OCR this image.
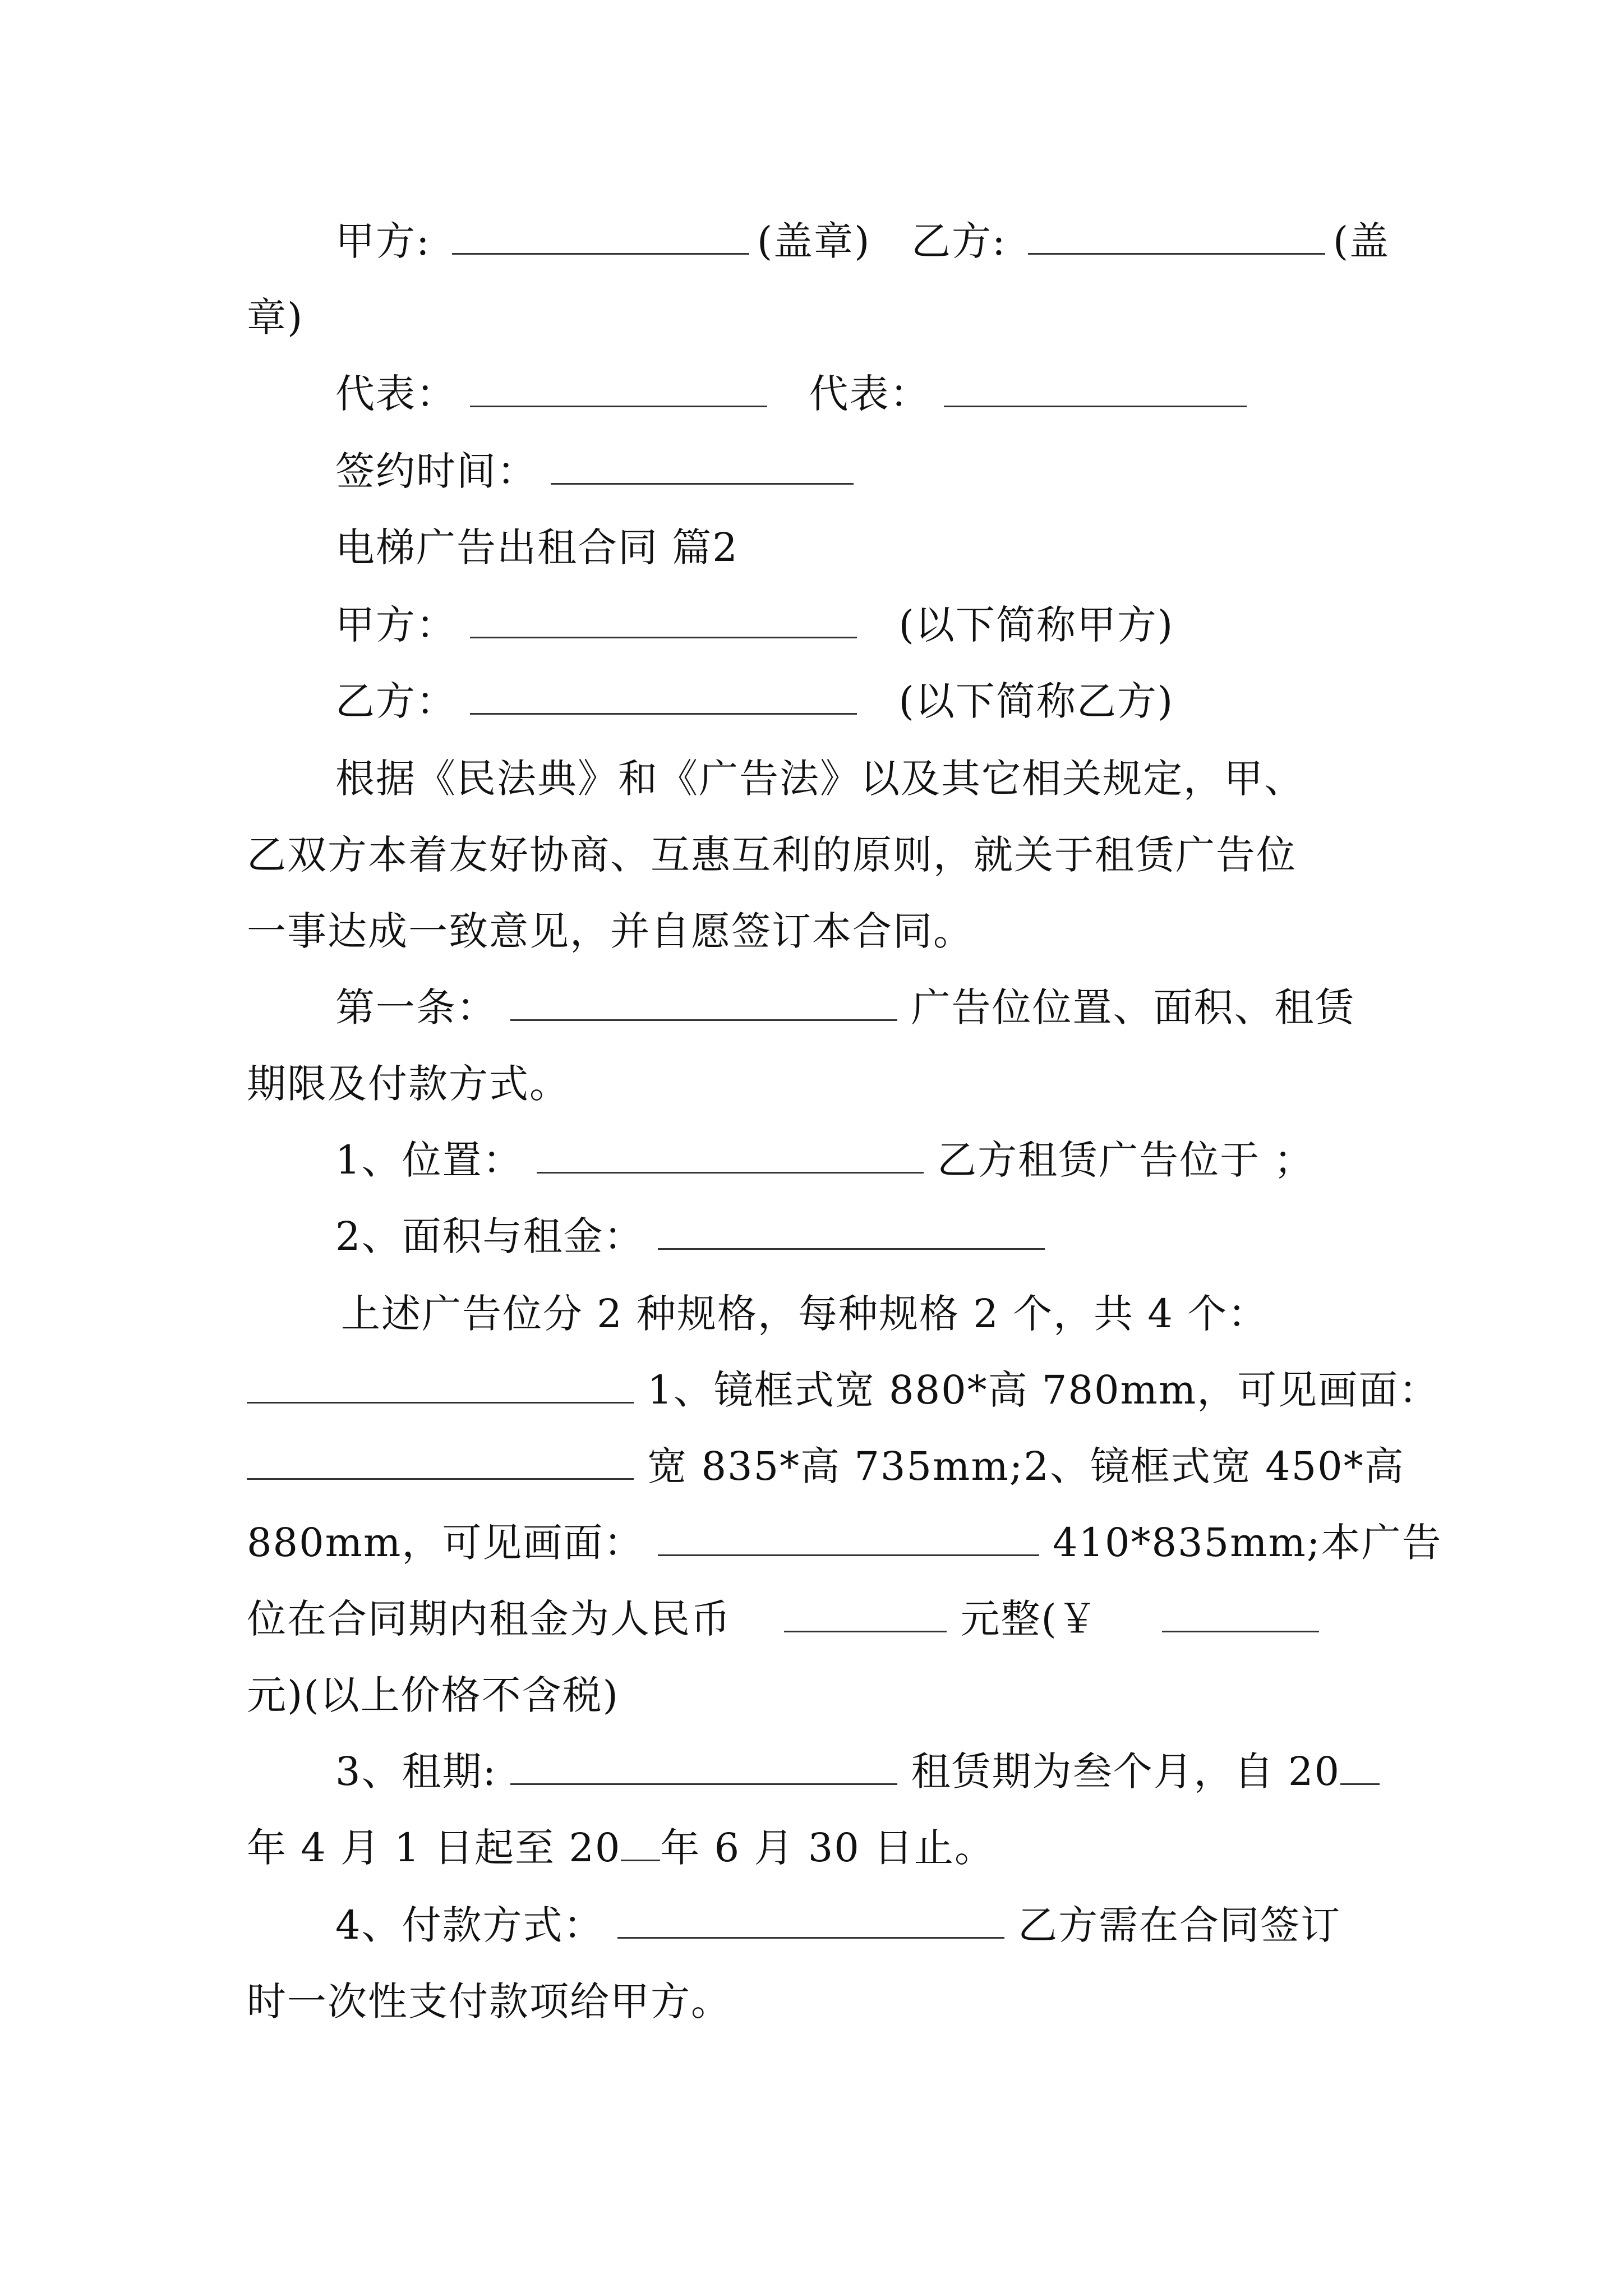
甲方:	(盖章) 乙方:	(盖
章)
代表：	代表：
签约时间：
电梯广告出租合同 篇2
甲方：	(以下简称甲方)
乙方：	(以下简称乙方)
根据《民法典》和《广告法》以及其它相关规定，甲、
乙双方本着友好协商、互惠互利的原则，就关于租赁广告位
一事达成一致意见，并自愿签订本合同。
第一条：	广告位位置、面积、租赁
期限及付款方式。
1、位置：	乙方租赁广告位于 ；
2、面积与租金：
上述广告位分 2 种规格，每种规格 2 个，共 4 个：
1、镜框式宽 880*高 780mm，可见画面：
宽 835*高 735mm;2、镜框式宽 450*高
880mm，可见画面：	410*835mm;本广告
位在合同期内租金为人民币	元整(￥
元)(以上价格不含税)
3、租期:	租赁期为叁个月，自 20
年 4 月 1 日起至 20 年 6 月 30 日止。
4、付款方式：	乙方需在合同签订
时一次性支付款项给甲方。
